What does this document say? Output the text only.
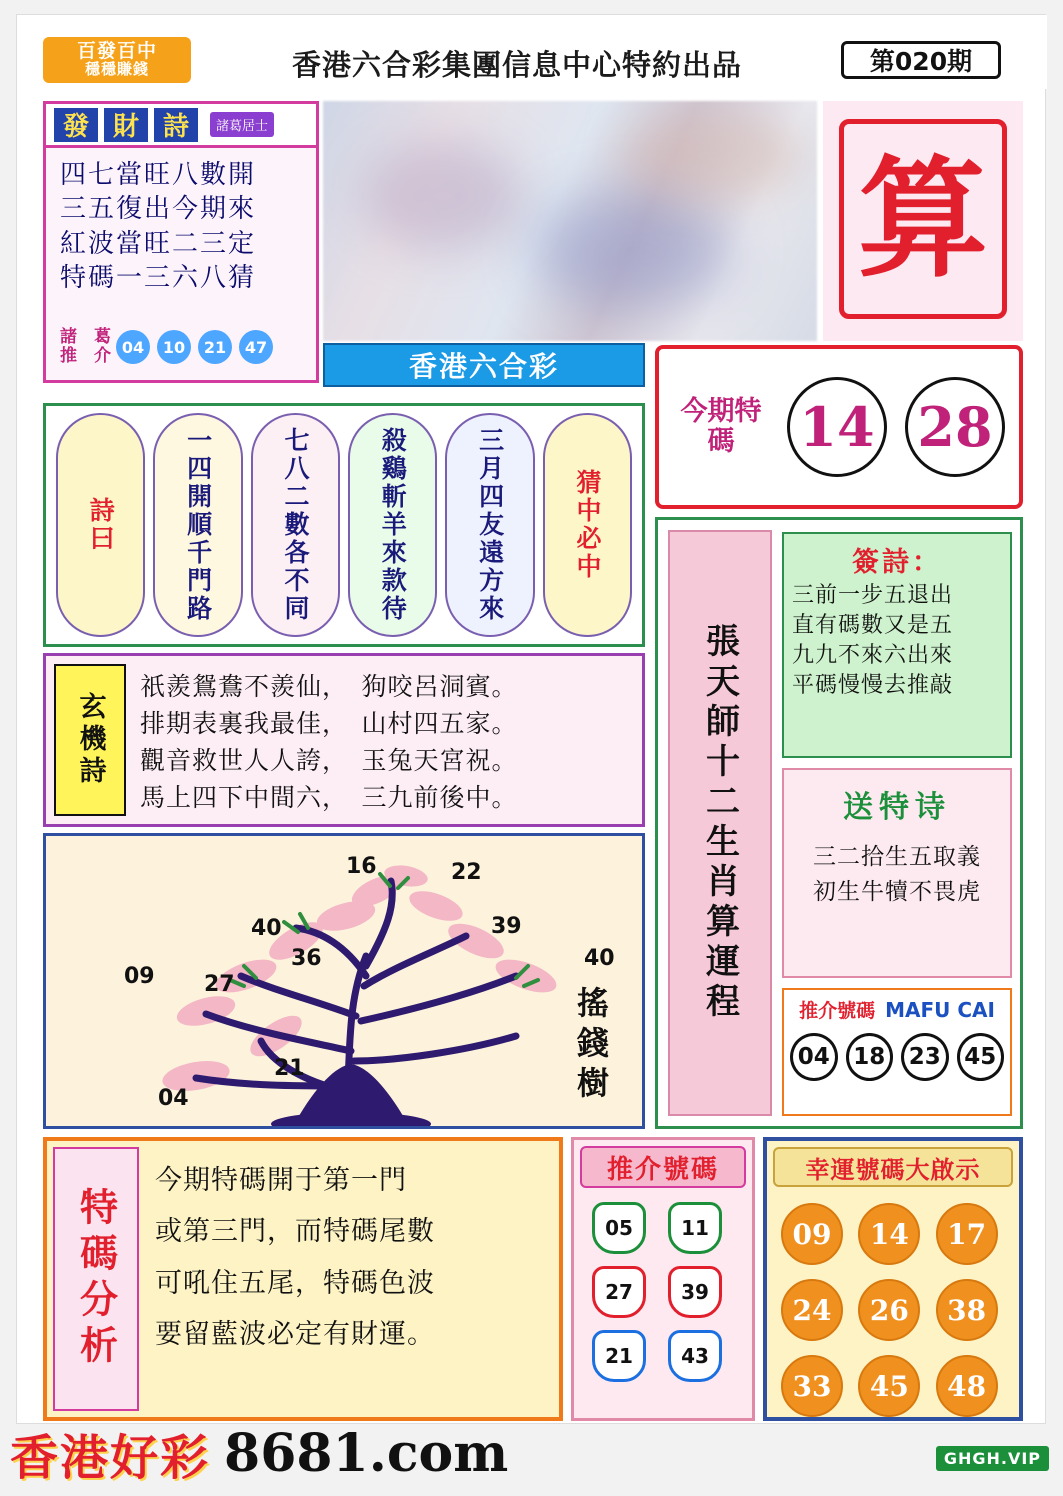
百發百中
穩穩賺錢	香港六合彩集團信息中心特約出品	第020期
發 財 詩	諸葛居士
四七當旺八數開
三五復出今期來
紅波當旺二三定
特碼一三六八猜
諸　葛
推　介 04	10	21	47
算
香港六合彩
今期特碼	14 28
詩曰	一四開順千門路	七八二數各不同	殺鷄斬羊來款待	三月四友遠方來	猜中必中
玄機詩
祇羨鴛鴦不羨仙，　狗咬呂洞賓。
排期表裏我最佳，　山村四五家。
觀音救世人人誇，　玉兔天宮祝。
馬上四下中間六，　三九前後中。
16	22
40	39
36	40
09 27
21
04	搖錢樹
張天師十二生肖算運程
簽詩：
三前一步五退出
直有碼數又是五
九九不來六出來
平碼慢慢去推敲
送特诗
三二拾生五取義
初生牛犢不畏虎
推介號碼 MAFU CAI
04	18	23	45
特碼分析
今期特碼開于第一門
或第三門，而特碼尾數
可吼住五尾，特碼色波
要留藍波必定有財運。
推介號碼
05	11
27	39
21	43
幸運號碼大啟示
09	14	17
24	26	38
33	45	48
香港好彩 8681.com	GHGH.VIP
